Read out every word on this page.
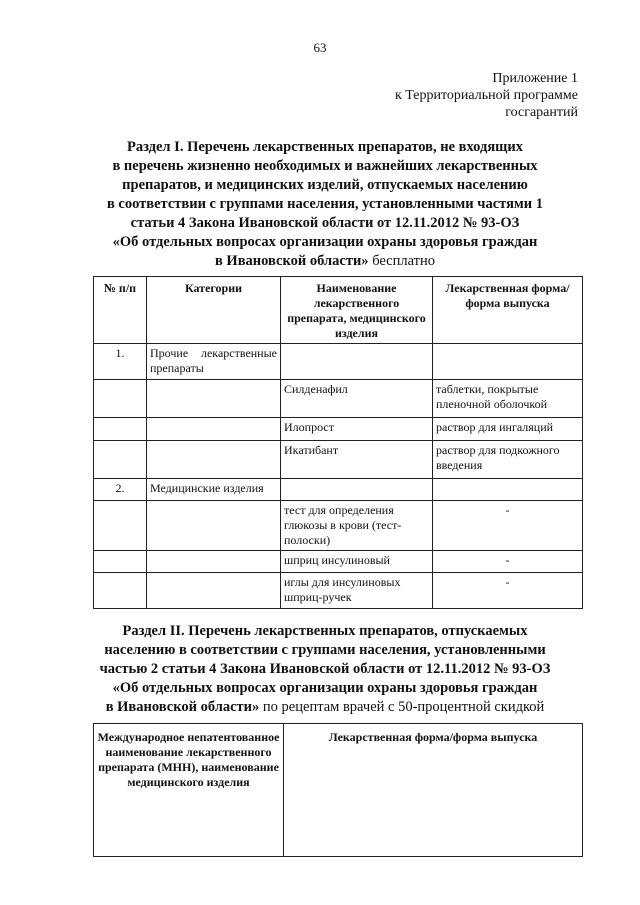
63
Приложение 1
к Территориальной программе
госгарантий
Раздел I. Перечень лекарственных препаратов, не входящих
в перечень жизненно необходимых и важнейших лекарственных
препаратов, и медицинских изделий, отпускаемых населению
в соответствии с группами населения, установленными частями 1
статьи 4 Закона Ивановской области от 12.11.2012 № 93-ОЗ
«Об отдельных вопросах организации охраны здоровья граждан
в Ивановской области» бесплатно
№ п/п	Категории	Наименование лекарственного препарата, медицинского изделия	Лекарственная форма/форма выпуска
1.	Прочие лекарственные препараты		
		Силденафил	таблетки, покрытые пленочной оболочкой
		Илопрост	раствор для ингаляций
		Икатибант	раствор для подкожного введения
2.	Медицинские изделия		
		тест для определения глюкозы в крови (тест-полоски)	-
		шприц инсулиновый	-
		иглы для инсулиновых шприц-ручек	-
Раздел II. Перечень лекарственных препаратов, отпускаемых
населению в соответствии с группами населения, установленными
частью 2 статьи 4 Закона Ивановской области от 12.11.2012 № 93-ОЗ
«Об отдельных вопросах организации охраны здоровья граждан
в Ивановской области» по рецептам врачей с 50-процентной скидкой
Международное непатентованное наименование лекарственного препарата (МНН), наименование медицинского изделия	Лекарственная форма/форма выпуска
